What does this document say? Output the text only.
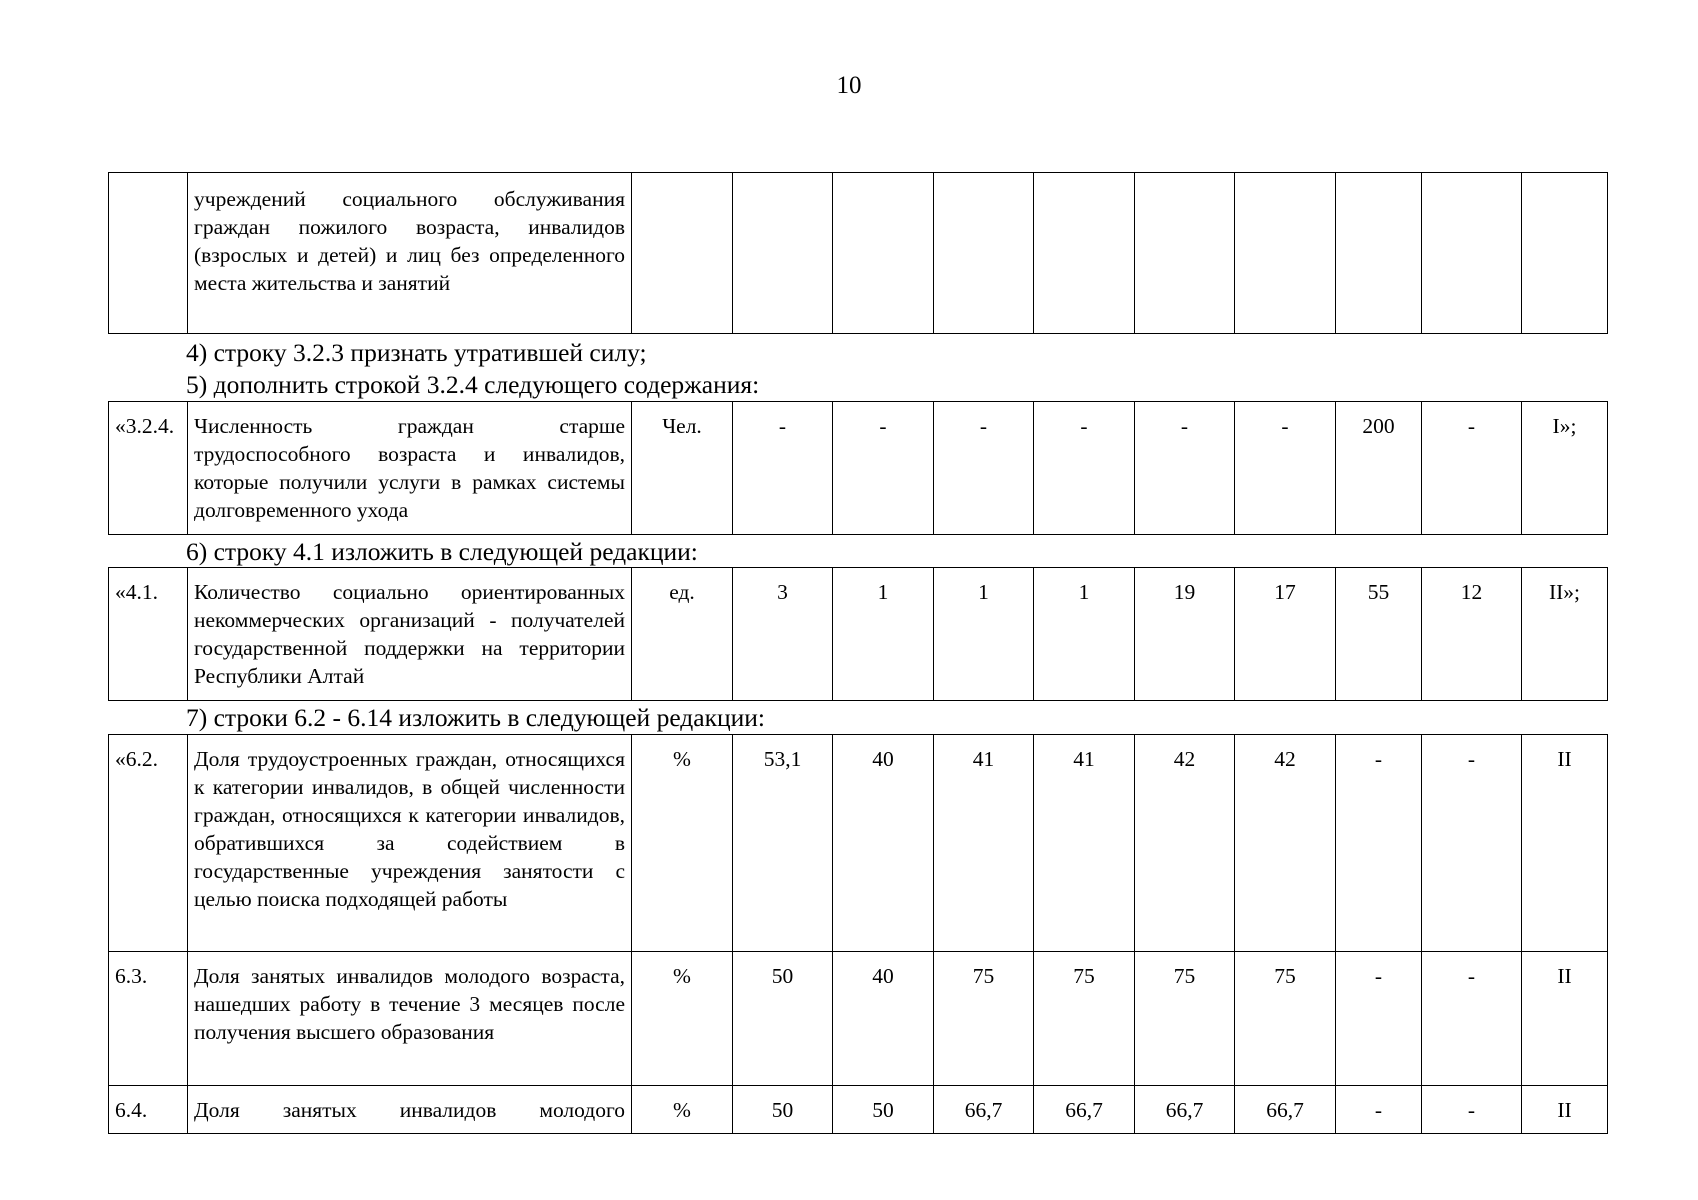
10
	учреждений социального обслуживания граждан пожилого возраста, инвалидов (взрослых и детей) и лиц без определенного места жительства и занятий										
4) строку 3.2.3 признать утратившей силу;
5) дополнить строкой 3.2.4 следующего содержания:
«3.2.4.	Численность граждан старше трудоспособного возраста и инвалидов, которые получили услуги в рамках системы долговременного ухода	Чел.	-	-	-	-	-	-	200	-	I»;
6) строку 4.1 изложить в следующей редакции:
«4.1.	Количество социально ориентированных некоммерческих организаций - получателей государственной поддержки на территории Республики Алтай	ед.	3	1	1	1	19	17	55	12	II»;
7) строки 6.2 - 6.14 изложить в следующей редакции:
«6.2.	Доля трудоустроенных граждан, относящихся к категории инвалидов, в общей численности граждан, относящихся к категории инвалидов, обратившихся за содействием в государственные учреждения занятости с целью поиска подходящей работы	%	53,1	40	41	41	42	42	-	-	II
6.3.	Доля занятых инвалидов молодого возраста, нашедших работу в течение 3 месяцев после получения высшего образования	%	50	40	75	75	75	75	-	-	II
6.4.	Доля занятых инвалидов молодого	%	50	50	66,7	66,7	66,7	66,7	-	-	II
